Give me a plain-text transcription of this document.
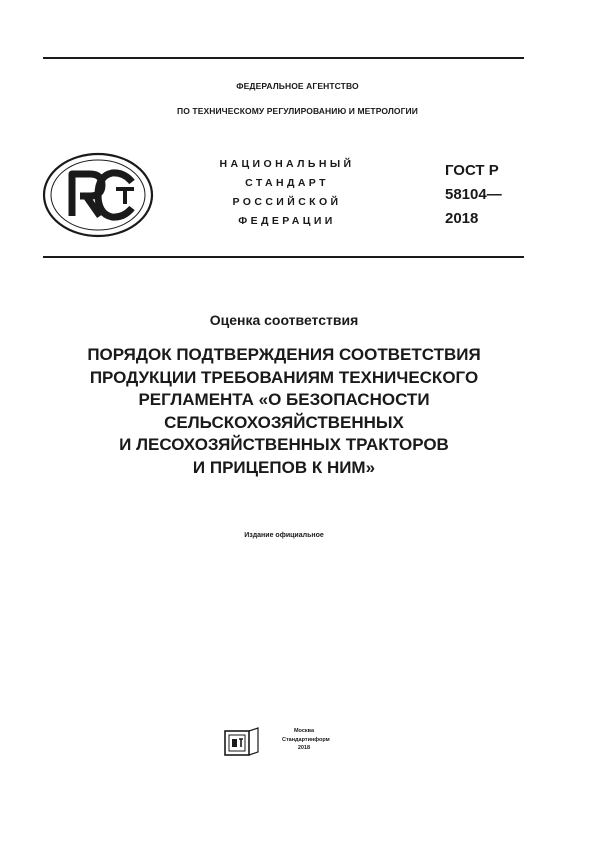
ФЕДЕРАЛЬНОЕ АГЕНТСТВО
ПО ТЕХНИЧЕСКОМУ РЕГУЛИРОВАНИЮ И МЕТРОЛОГИИ
НАЦИОНАЛЬНЫЙ
СТАНДАРТ
РОССИЙСКОЙ
ФЕДЕРАЦИИ
ГОСТ Р
58104—
2018
Оценка соответствия
ПОРЯДОК ПОДТВЕРЖДЕНИЯ СООТВЕТСТВИЯ
ПРОДУКЦИИ ТРЕБОВАНИЯМ ТЕХНИЧЕСКОГО
РЕГЛАМЕНТА «О БЕЗОПАСНОСТИ
СЕЛЬСКОХОЗЯЙСТВЕННЫХ
И ЛЕСОХОЗЯЙСТВЕННЫХ ТРАКТОРОВ
И ПРИЦЕПОВ К НИМ»
Издание официальное
Москва
Стандартинформ
2018
